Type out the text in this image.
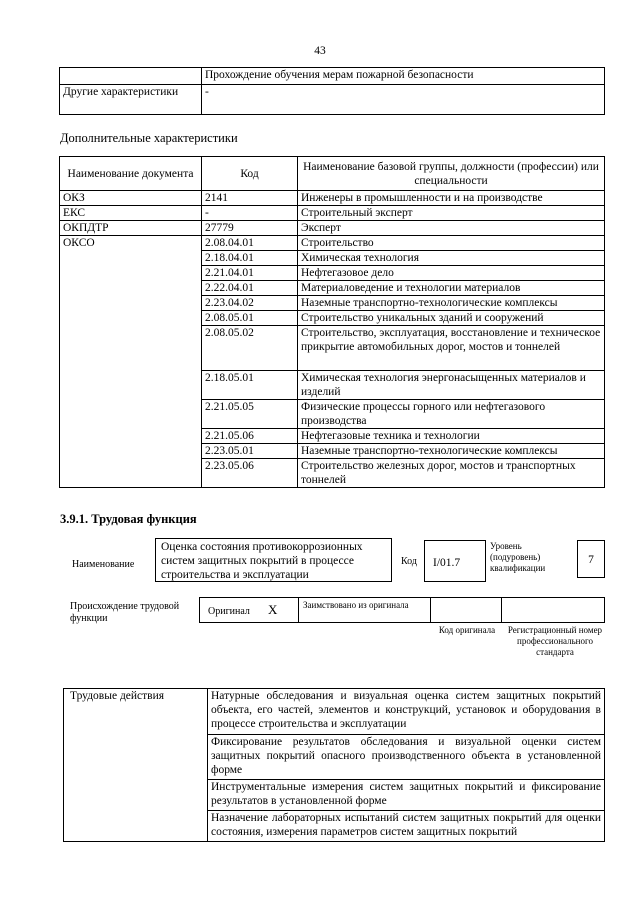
43
	Прохождение обучения мерам пожарной безопасности
Другие характеристики	-
Дополнительные характеристики
Наименование документа	Код	Наименование базовой группы, должности (профессии) или специальности
ОКЗ	2141	Инженеры в промышленности и на производстве
ЕКС	-	Строительный эксперт
ОКПДТР	27779	Эксперт
ОКСО	2.08.04.01	Строительство
	2.18.04.01	Химическая технология
	2.21.04.01	Нефтегазовое дело
	2.22.04.01	Материаловедение и технологии материалов
	2.23.04.02	Наземные транспортно-технологические комплексы
	2.08.05.01	Строительство уникальных зданий и сооружений
	2.08.05.02	Строительство, эксплуатация, восстановление и техническое прикрытие автомобильных дорог, мостов и тоннелей
	2.18.05.01	Химическая технология энергонасыщенных материалов и изделий
	2.21.05.05	Физические процессы горного или нефтегазового производства
	2.21.05.06	Нефтегазовые техника и технологии
	2.23.05.01	Наземные транспортно-технологические комплексы
	2.23.05.06	Строительство железных дорог, мостов и транспортных тоннелей
3.9.1. Трудовая функция
Наименование
Оценка состояния противокоррозионных систем защитных покрытий в процессе строительства и эксплуатации
Код	I/01.7
Уровень (подуровень) квалификации
7
Происхождение трудовой функции
Оригинал X	Заимствовано из оригинала
Код оригинала	Регистрационный номер профессионального стандарта
Трудовые действия	Натурные обследования и визуальная оценка систем защитных покрытий объекта, его частей, элементов и конструкций, установок и оборудования в процессе строительства и эксплуатации
Фиксирование результатов обследования и визуальной оценки систем защитных покрытий опасного производственного объекта в установленной форме
Инструментальные измерения систем защитных покрытий и фиксирование результатов в установленной форме
Назначение лабораторных испытаний систем защитных покрытий для оценки состояния, измерения параметров систем защитных покрытий
